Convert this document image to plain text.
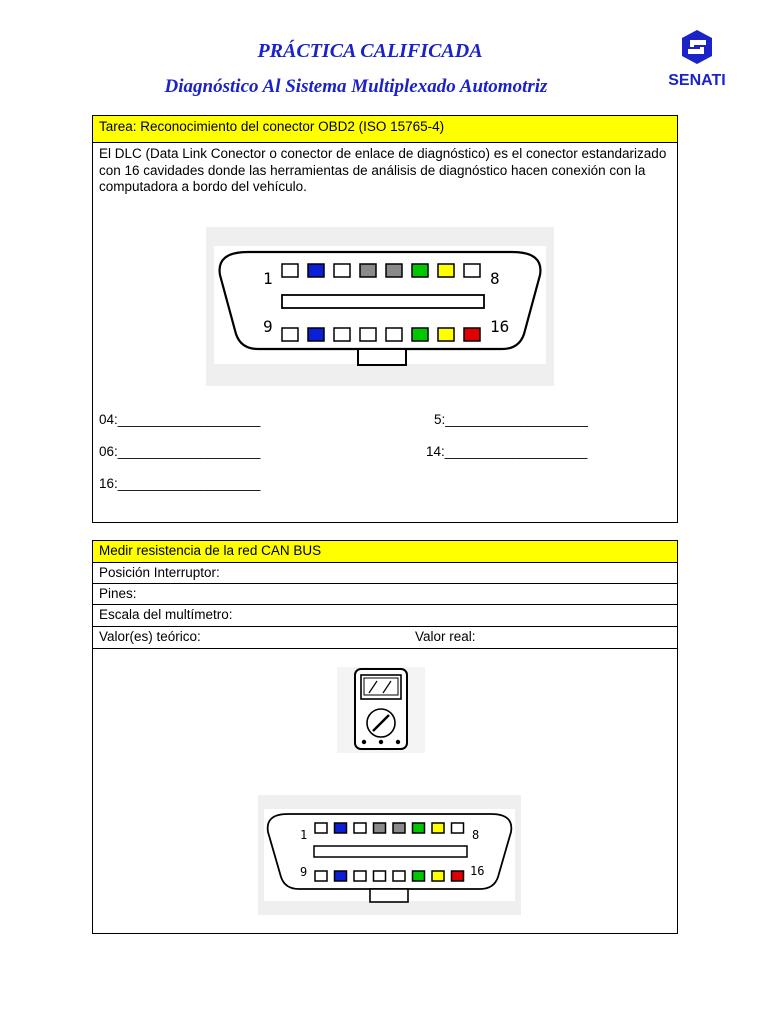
PRÁCTICA CALIFICADA
Diagnóstico Al Sistema Multiplexado Automotriz	SENATI
Tarea: Reconocimiento del conector OBD2 (ISO 15765-4)
El DLC (Data Link Conector o conector de enlace de diagnóstico) es el conector estandarizado con 16 cavidades donde las herramientas de análisis de diagnóstico hacen conexión con la computadora a bordo del vehículo.
1	8
9	16
04:___________________	5:___________________
06:___________________	14:___________________
16:___________________
Medir resistencia de la red CAN BUS
Posición Interruptor:
Pines:
Escala del multímetro:
Valor(es) teórico:	Valor real:
1	8
9	16
